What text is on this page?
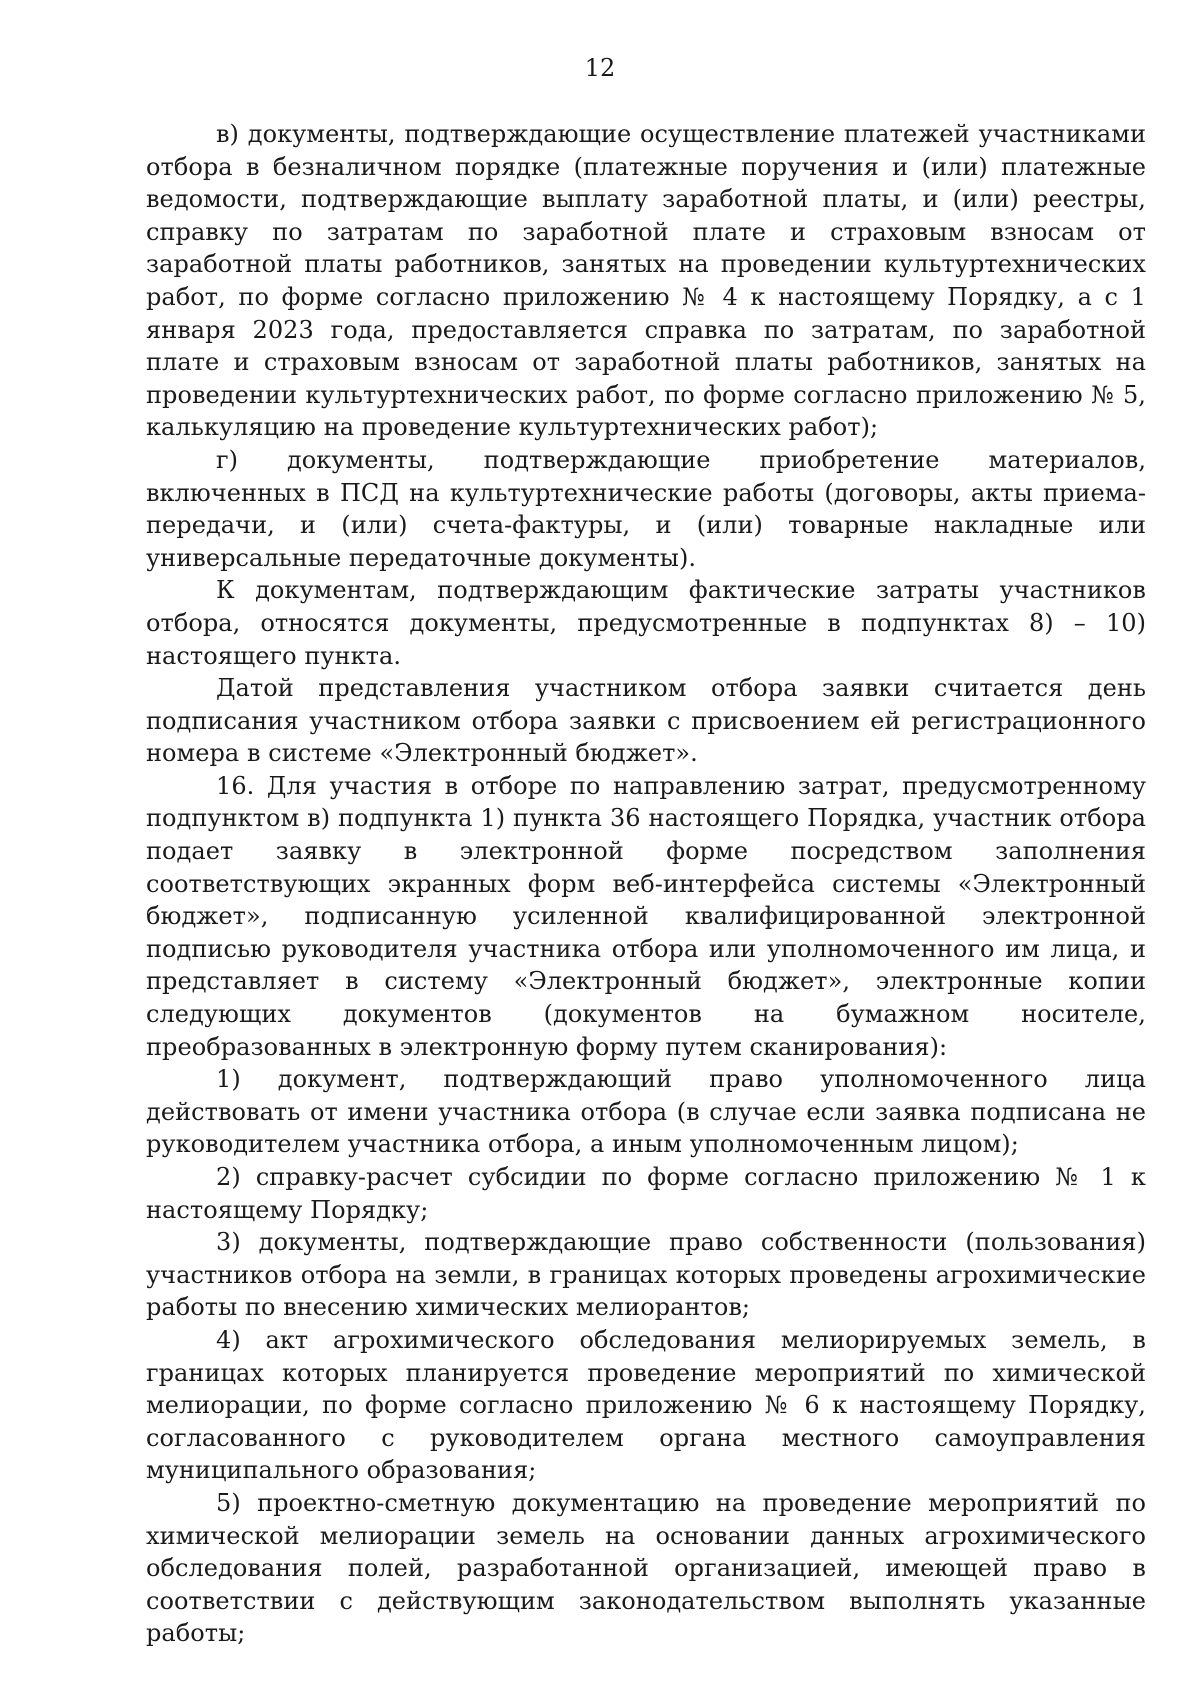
12

в) документы, подтверждающие осуществление платежей участниками отбора в безналичном порядке (платежные поручения и (или) платежные ведомости, подтверждающие выплату заработной платы, и (или) реестры, справку по затратам по заработной плате и страховым взносам от заработной платы работников, занятых на проведении культуртехнических работ, по форме согласно приложению № 4 к настоящему Порядку, а с 1 января 2023 года, предоставляется справка по затратам, по заработной плате и страховым взносам от заработной платы работников, занятых на проведении культуртехнических работ, по форме согласно приложению № 5, калькуляцию на проведение культуртехнических работ);

г) документы, подтверждающие приобретение материалов, включенных в ПСД на культуртехнические работы (договоры, акты приема-передачи, и (или) счета-фактуры, и (или) товарные накладные или универсальные передаточные документы).

К документам, подтверждающим фактические затраты участников отбора, относятся документы, предусмотренные в подпунктах 8) – 10) настоящего пункта.

Датой представления участником отбора заявки считается день подписания участником отбора заявки с присвоением ей регистрационного номера в системе «Электронный бюджет».

16. Для участия в отборе по направлению затрат, предусмотренному подпунктом в) подпункта 1) пункта 36 настоящего Порядка, участник отбора подает заявку в электронной форме посредством заполнения соответствующих экранных форм веб-интерфейса системы «Электронный бюджет», подписанную усиленной квалифицированной электронной подписью руководителя участника отбора или уполномоченного им лица, и представляет в систему «Электронный бюджет», электронные копии следующих документов (документов на бумажном носителе, преобразованных в электронную форму путем сканирования):

1) документ, подтверждающий право уполномоченного лица действовать от имени участника отбора (в случае если заявка подписана не руководителем участника отбора, а иным уполномоченным лицом);

2) справку-расчет субсидии по форме согласно приложению № 1 к настоящему Порядку;

3) документы, подтверждающие право собственности (пользования) участников отбора на земли, в границах которых проведены агрохимические работы по внесению химических мелиорантов;

4) акт агрохимического обследования мелиорируемых земель, в границах которых планируется проведение мероприятий по химической мелиорации, по форме согласно приложению № 6 к настоящему Порядку, согласованного с руководителем органа местного самоуправления муниципального образования;

5) проектно-сметную документацию на проведение мероприятий по химической мелиорации земель на основании данных агрохимического обследования полей, разработанной организацией, имеющей право в соответствии с действующим законодательством выполнять указанные работы;
